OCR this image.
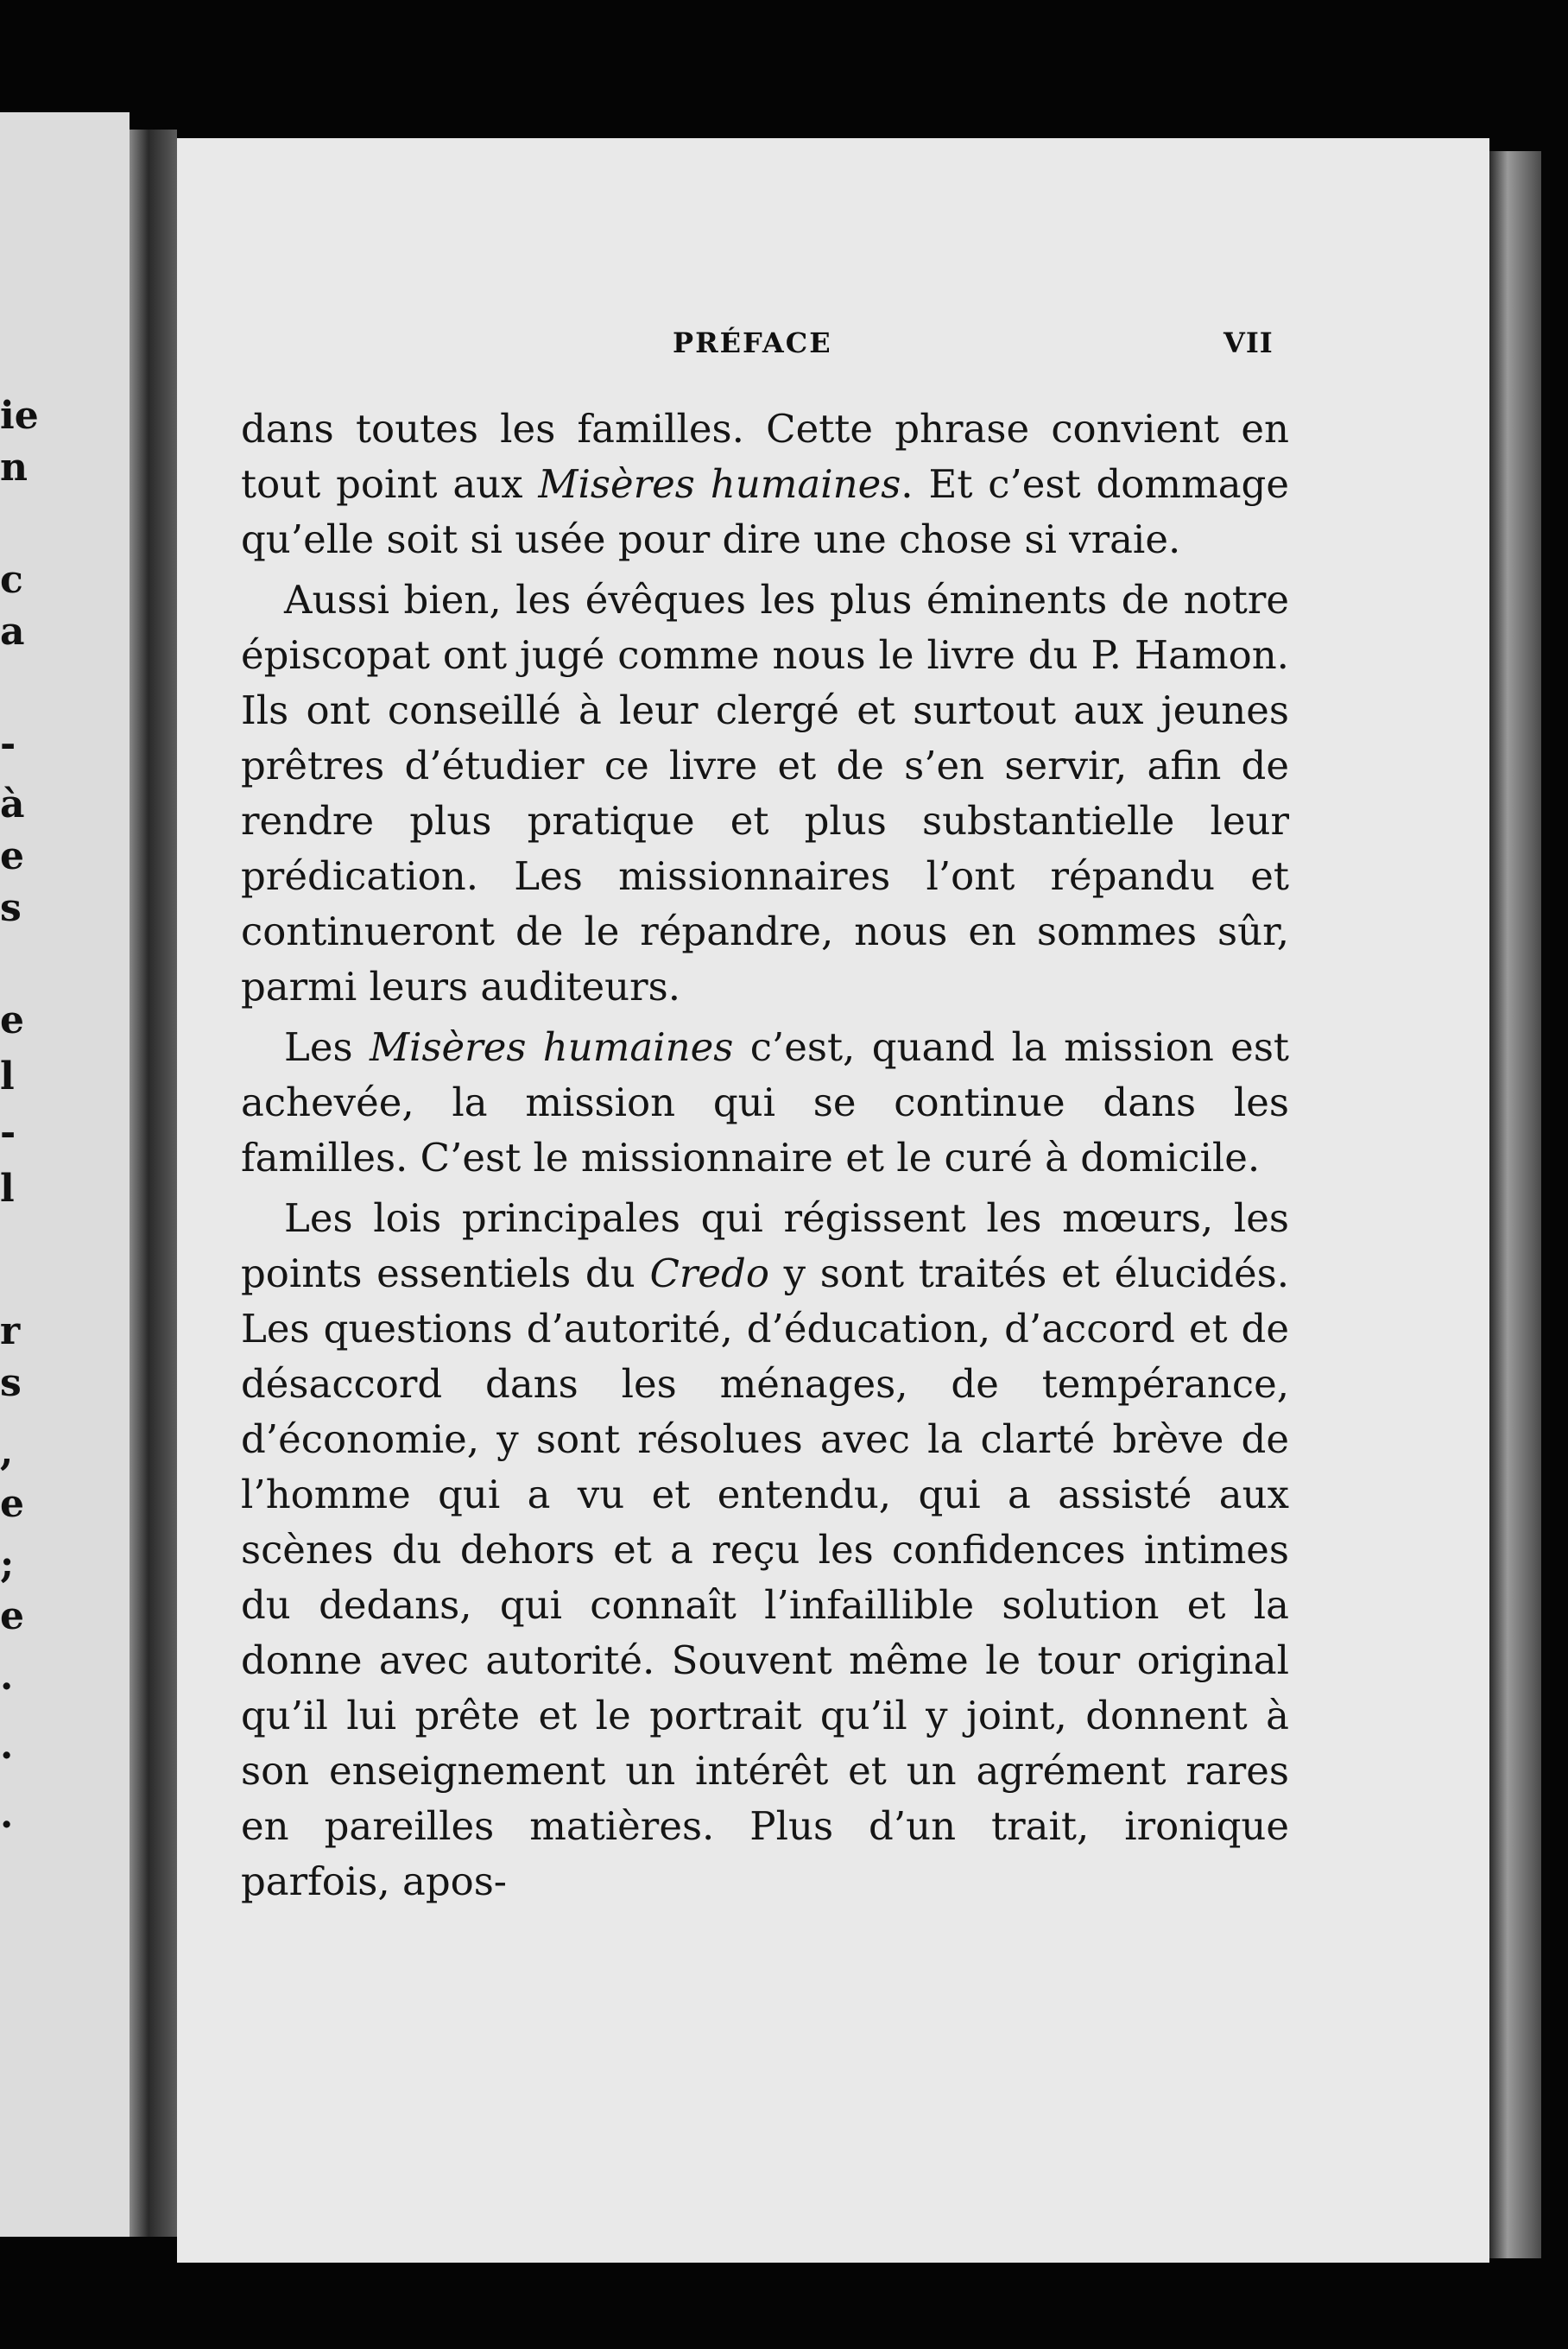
ie
n
c
a
-
à
e
s
e
l
-
l
r
s
,
e
;
e
.
.
.
PRÉFACE	VII

dans toutes les familles. Cette phrase convient en tout point aux Misères humaines. Et c’est dommage qu’elle soit si usée pour dire une chose si vraie.

Aussi bien, les évêques les plus éminents de notre épiscopat ont jugé comme nous le livre du P. Hamon. Ils ont conseillé à leur clergé et surtout aux jeunes prêtres d’étudier ce livre et de s’en servir, afin de rendre plus pratique et plus substantielle leur prédication. Les missionnaires l’ont répandu et continueront de le répandre, nous en sommes sûr, parmi leurs auditeurs.

Les Misères humaines c’est, quand la mission est achevée, la mission qui se continue dans les familles. C’est le missionnaire et le curé à domicile.

Les lois principales qui régissent les mœurs, les points essentiels du Credo y sont traités et élucidés. Les questions d’autorité, d’éducation, d’accord et de désaccord dans les ménages, de tempérance, d’économie, y sont résolues avec la clarté brève de l’homme qui a vu et entendu, qui a assisté aux scènes du dehors et a reçu les confidences intimes du dedans, qui connaît l’infaillible solution et la donne avec autorité. Souvent même le tour original qu’il lui prête et le portrait qu’il y joint, donnent à son enseignement un intérêt et un agrément rares en pareilles matières. Plus d’un trait, ironique parfois, apos-
